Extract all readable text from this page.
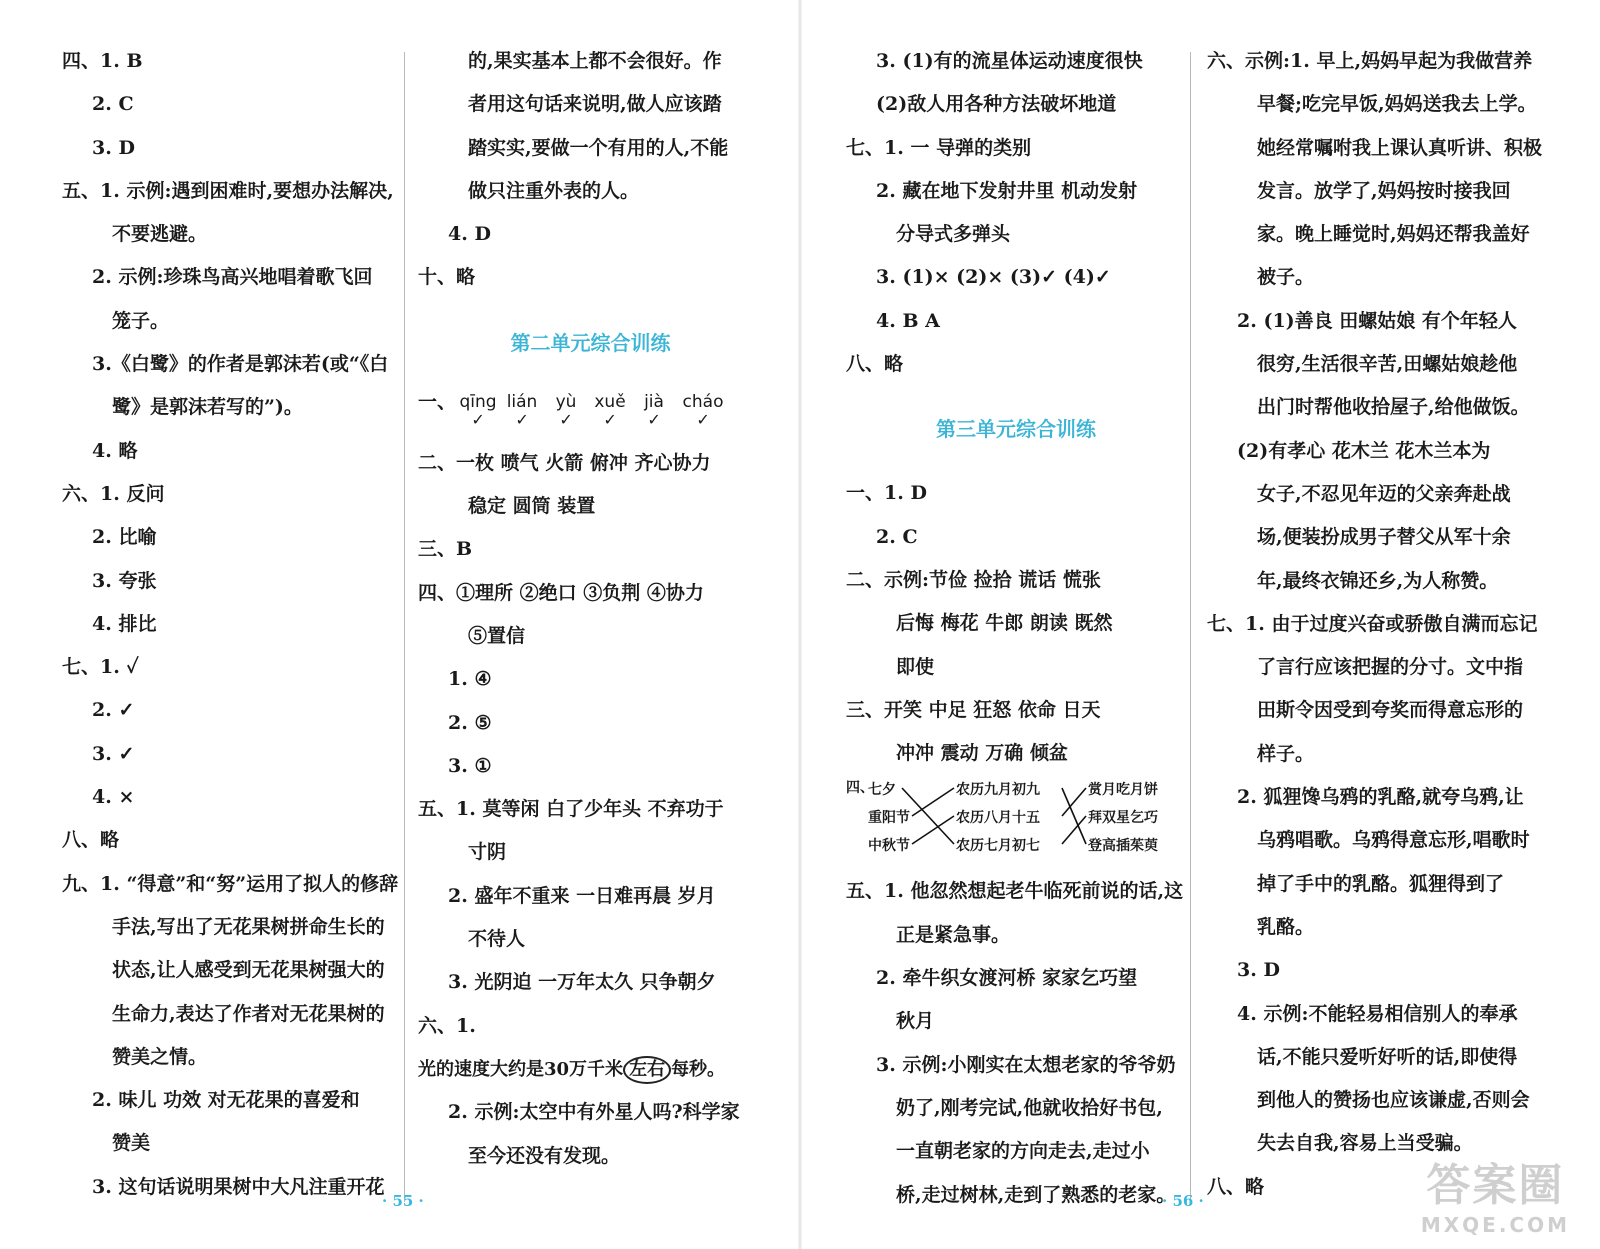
四、1. B
2. C
3. D
五、1. 示例:遇到困难时,要想办法解决,
不要逃避。
2. 示例:珍珠鸟高兴地唱着歌飞回
笼子。
3.《白鹭》的作者是郭沫若(或“《白
鹭》是郭沫若写的”)。
4. 略
六、1. 反问
2. 比喻
3. 夸张
4. 排比
七、1. ✓
2. ✓
3. ✓
4. ×
八、略
九、1. “得意”和“努”运用了拟人的修辞
手法,写出了无花果树拼命生长的
状态,让人感受到无花果树强大的
生命力,表达了作者对无花果树的
赞美之情。
2. 味儿 功效 对无花果的喜爱和
赞美
3. 这句话说明果树中大凡注重开花
的,果实基本上都不会很好。作
者用这句话来说明,做人应该踏
踏实实,要做一个有用的人,不能
做只注重外表的人。
4. D
十、略
第二单元综合训练
一、 qīng
✓
lián
✓
yù
✓
xuě
✓
jià
✓
cháo
✓
二、一枚 喷气 火箭 俯冲 齐心协力
稳定 圆筒 装置
三、B
四、①理所 ②绝口 ③负荆 ④协力
⑤置信
1. ④
2. ⑤
3. ①
五、1. 莫等闲 白了少年头 不弃功于
寸阴
2. 盛年不重来 一日难再晨 岁月
不待人
3. 光阴迫 一万年太久 只争朝夕
六、1.
光的速度大约是30万千米 左右 每秒。
2. 示例:太空中有外星人吗?科学家
至今还没有发现。
3. (1)有的流星体运动速度很快
(2)敌人用各种方法破坏地道
七、1. 一 导弹的类别
2. 藏在地下发射井里 机动发射
分导式多弹头
3. (1)× (2)× (3)✓ (4)✓
4. B A
八、略
第三单元综合训练
一、1. D
2. C
二、示例:节俭 捡拾 谎话 慌张
后悔 梅花 牛郎 朗读 既然
即使
三、开笑 中足 狂怒 依命 日天
冲冲 震动 万确 倾盆
四、
七夕
重阳节
中秋节
农历九月初九
农历八月十五
农历七月初七
赏月吃月饼
拜双星乞巧
登高插茱萸
五、1. 他忽然想起老牛临死前说的话,这
正是紧急事。
2. 牵牛织女渡河桥 家家乞巧望
秋月
3. 示例:小刚实在太想老家的爷爷奶
奶了,刚考完试,他就收拾好书包,
一直朝老家的方向走去,走过小
桥,走过树林,走到了熟悉的老家。
六、示例:1. 早上,妈妈早起为我做营养
早餐;吃完早饭,妈妈送我去上学。
她经常嘱咐我上课认真听讲、积极
发言。放学了,妈妈按时接我回
家。晚上睡觉时,妈妈还帮我盖好
被子。
2. (1)善良 田螺姑娘 有个年轻人
很穷,生活很辛苦,田螺姑娘趁他
出门时帮他收拾屋子,给他做饭。
(2)有孝心 花木兰 花木兰本为
女子,不忍见年迈的父亲奔赴战
场,便装扮成男子替父从军十余
年,最终衣锦还乡,为人称赞。
七、1. 由于过度兴奋或骄傲自满而忘记
了言行应该把握的分寸。文中指
田斯令因受到夸奖而得意忘形的
样子。
2. 狐狸馋乌鸦的乳酪,就夸乌鸦,让
乌鸦唱歌。乌鸦得意忘形,唱歌时
掉了手中的乳酪。狐狸得到了
乳酪。
3. D
4. 示例:不能轻易相信别人的奉承
话,不能只爱听好听的话,即使得
到他人的赞扬也应该谦虚,否则会
失去自我,容易上当受骗。
八、略
· 55 ·	· 56 ·	答案圈
MXQE.COM
